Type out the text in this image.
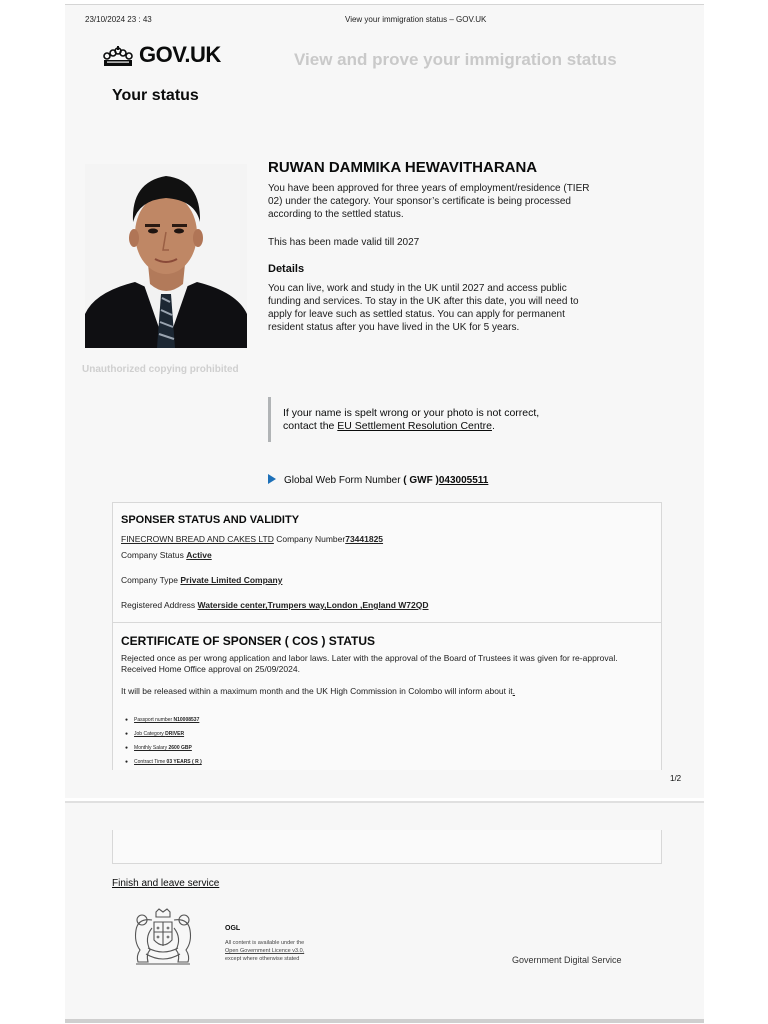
23/10/2024 23 : 43	View your immigration status – GOV.UK
GOV.UK	View and prove your immigration status
Your status
Unauthorized copying prohibited
RUWAN DAMMIKA HEWAVITHARANA
You have been approved for three years of employment/residence (TIER 02) under the category. Your sponsor’s certificate is being processed according to the settled status.
This has been made valid till 2027
Details
You can live, work and study in the UK until 2027 and access public funding and services. To stay in the UK after this date, you will need to apply for leave such as settled status. You can apply for permanent resident status after you have lived in the UK for 5 years.
If your name is spelt wrong or your photo is not correct, contact the EU Settlement Resolution Centre.
Global Web Form Number ( GWF )043005511
SPONSER STATUS AND VALIDITY
FINECROWN BREAD AND CAKES LTD Company Number73441825
Company Status Active
Company Type Private Limited Company
Registered Address Waterside center,Trumpers way,London ,England W72QD
CERTIFICATE OF SPONSER ( COS ) STATUS
Rejected once as per wrong application and labor laws. Later with the approval of the Board of Trustees it was given for re-approval. Received Home Office approval on 25/09/2024.
It will be released within a maximum month and the UK High Commission in Colombo will inform about it.
● Passport number N10008537
● Job Category DRIVER
● Monthly Salary 2600 GBP
● Contract Time 03 YEARS ( R )
1/2
Finish and leave service
OGL
All content is available under the
Open Government Licence v3.0,
except where otherwise stated	Government Digital Service
